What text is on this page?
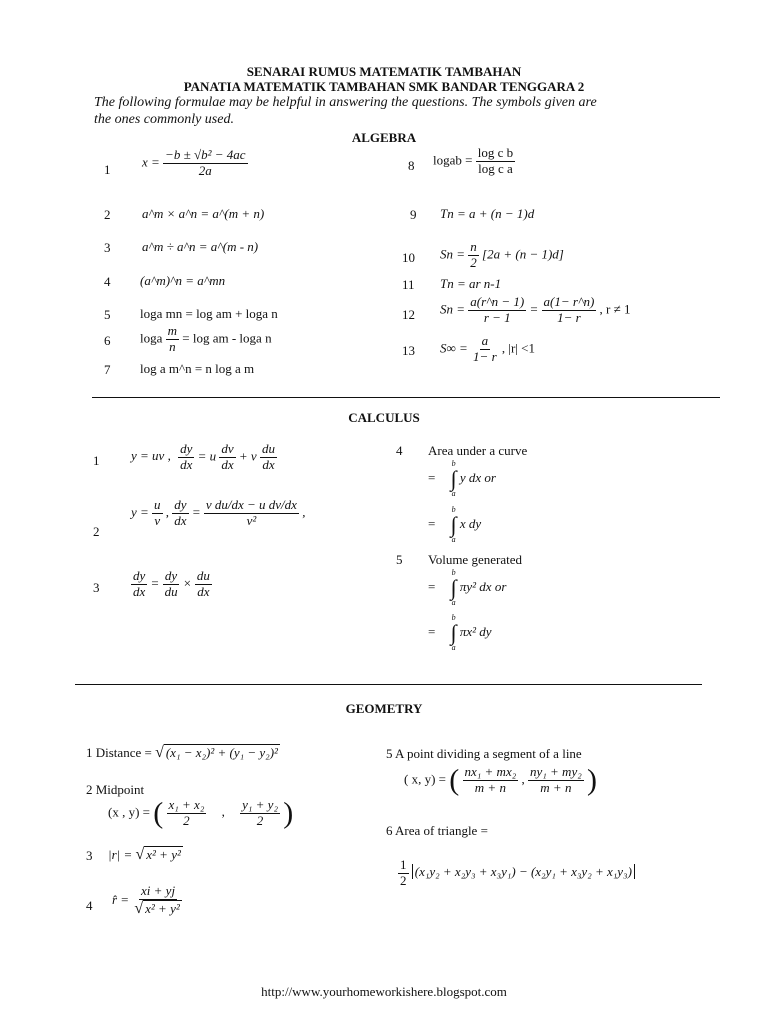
SENARAI RUMUS MATEMATIK TAMBAHAN
PANATIA MATEMATIK TAMBAHAN SMK BANDAR TENGGARA 2
The following formulae may be helpful in answering the questions. The symbols given are
the ones commonly used.
ALGEBRA
1
$x = \frac{\text{−b ± √b² − 4ac}}{2a}$
2 a^m × a^n = a^(m + n)
3 a^m ÷ a^n = a^(m - n)
4 (a^m)^n = a^mn
5 loga mn = log am + loga n
6 loga $\frac{m}{n} = \log$ am - loga n
7 log a m^n = n log a m
8 logab = $\frac{\text{log c b}}{\text{log c a}}$
9 Tn = a + (n − 1)d
10 $Sn = \frac{n}{2} [2a + (n - 1)d]$
11 Tn = ar n-1
12 $Sn = \frac{a(r\^{}n - 1)}{r - 1} = \frac{a(1- r\^{}n)}{1- r}$ , r ≠ 1
13 $S\infty = \frac{a}{1- r}$ , |r| <1
CALCULUS
1 y = uv , $\frac{dy}{dx} = u \frac{dv}{dx} + v \frac{du}{dx}$
2
$y = \frac{u}{v}$ , $\frac{dy}{dx} = \frac{\text{v du/dx − u dv/dx}}{\text{v²}}$ ,
$3 \frac{dy}{dx} = \frac{dy}{du} \times \frac{du}{dx}$
4 Area under a curve
=
b
∫
a
y dx or
=
b
∫
a
x dy
5 Volume generated
=
b
∫
a
πy² dx or
=
b
∫
a
πx² dy
GEOMETRY
1 Distance = √ (x₁ − x₂)² + (y₁ − y₂)²
2 Midpoint
(x , y) = ( $\frac{\text{x₁ + x₂}}{2}$ , $\frac{\text{y₁ + y₂}}{2}$ )
3 |r| = √ x² + y²
4 r̂ = $\frac{xi + yj}{\text{√ x² + y²}}$
5 A point dividing a segment of a line
( x, y) = ( $\frac{\text{nx₁ + mx₂}}{m + n}$ , $\frac{\text{ny₁ + my₂}}{m + n}$ )
6 Area of triangle =
$\frac{1}{2} (x_1y_2 + x_2y_3 + x_3y_1) - (x_2y_1 + x_3y_2 + x_1y_3)$
http://www.yourhomeworkishere.blogspot.com
